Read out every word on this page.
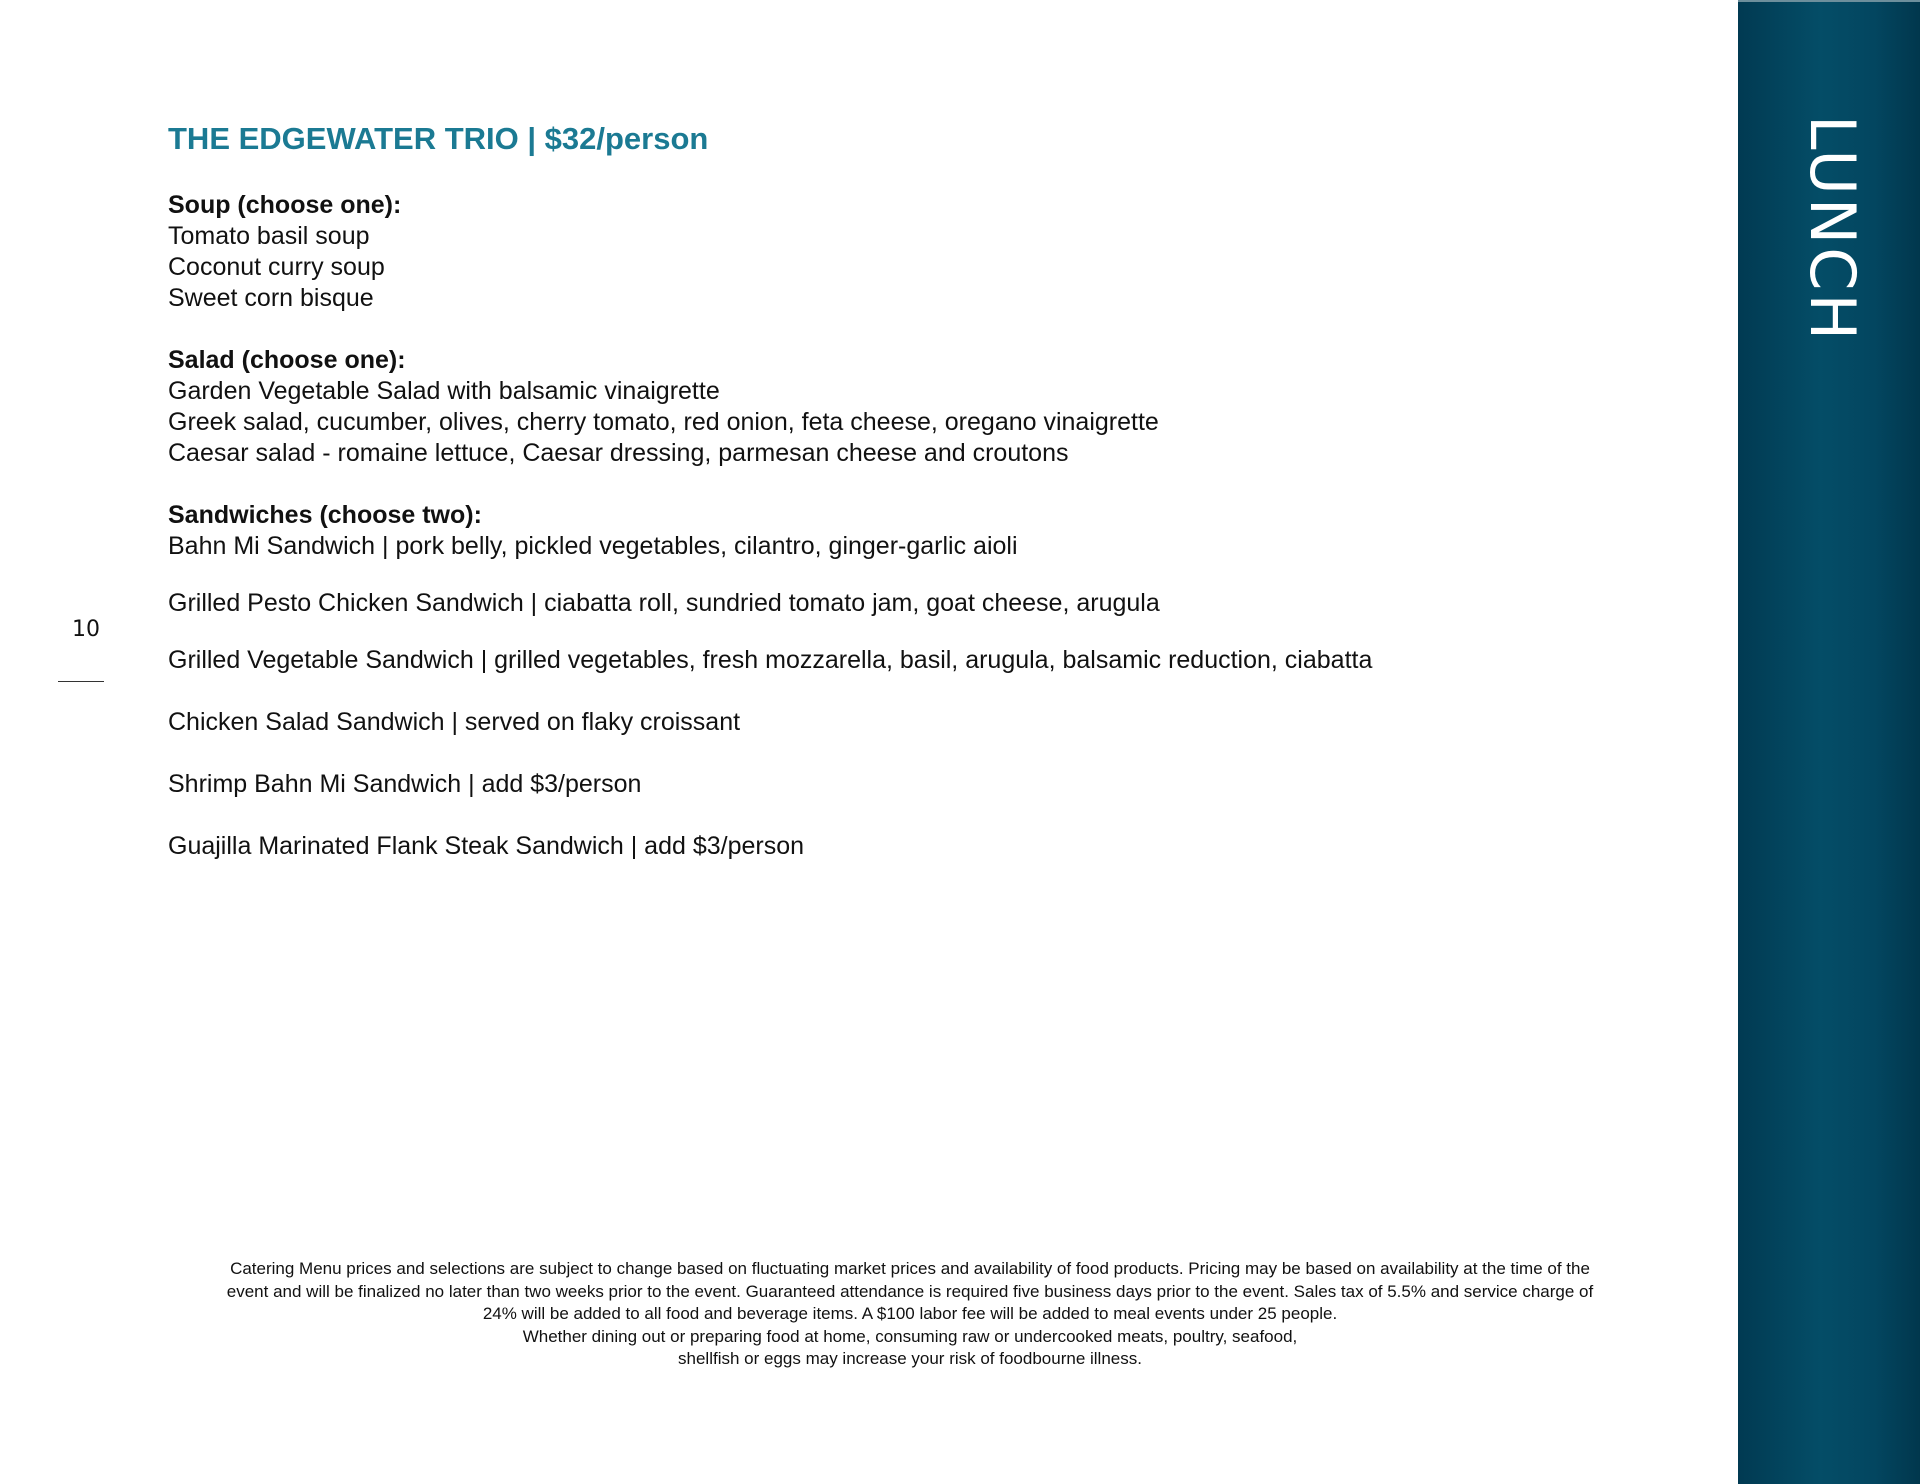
10
THE EDGEWATER TRIO | $32/person

Soup (choose one):

Tomato basil soup

Coconut curry soup

Sweet corn bisque

Salad (choose one):

Garden Vegetable Salad with balsamic vinaigrette

Greek salad, cucumber, olives, cherry tomato, red onion, feta cheese, oregano vinaigrette

Caesar salad - romaine lettuce, Caesar dressing, parmesan cheese and croutons

Sandwiches (choose two):

Bahn Mi Sandwich | pork belly, pickled vegetables, cilantro, ginger-garlic aioli

Grilled Pesto Chicken Sandwich | ciabatta roll, sundried tomato jam, goat cheese, arugula

Grilled Vegetable Sandwich | grilled vegetables, fresh mozzarella, basil, arugula, balsamic reduction, ciabatta

Chicken Salad Sandwich | served on flaky croissant

Shrimp Bahn Mi Sandwich | add $3/person

Guajilla Marinated Flank Steak Sandwich | add $3/person

Catering Menu prices and selections are subject to change based on fluctuating market prices and availability of food products. Pricing may be based on availability at the time of the

event and will be finalized no later than two weeks prior to the event. Guaranteed attendance is required five business days prior to the event. Sales tax of 5.5% and service charge of

24% will be added to all food and beverage items. A $100 labor fee will be added to meal events under 25 people.

Whether dining out or preparing food at home, consuming raw or undercooked meats, poultry, seafood,

shellfish or eggs may increase your risk of foodbourne illness.

LUNCH
